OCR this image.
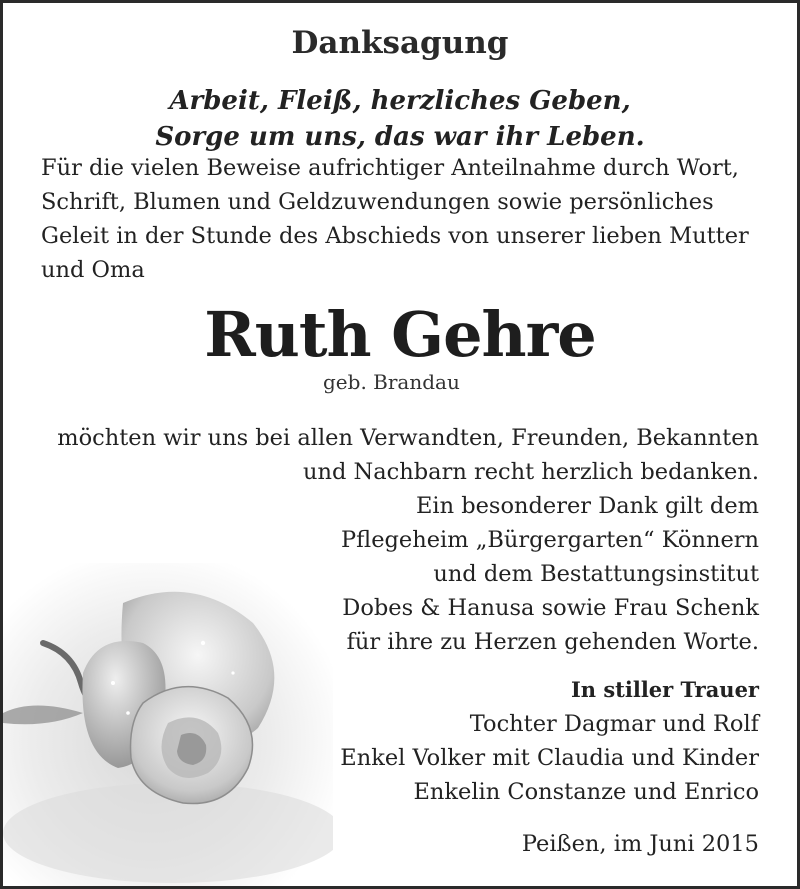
Danksagung
Arbeit, Fleiß, herzliches Geben,
Sorge um uns, das war ihr Leben.
Für die vielen Beweise aufrichtiger Anteilnahme durch Wort,
Schrift, Blumen und Geldzuwendungen sowie persönliches
Geleit in der Stunde des Abschieds von unserer lieben Mutter
und Oma
Ruth Gehre
geb. Brandau
möchten wir uns bei allen Verwandten, Freunden, Bekannten
und Nachbarn recht herzlich bedanken.
Ein besonderer Dank gilt dem
Pflegeheim „Bürgergarten“ Könnern
und dem Bestattungsinstitut
Dobes & Hanusa sowie Frau Schenk
für ihre zu Herzen gehenden Worte.
In stiller Trauer
Tochter Dagmar und Rolf
Enkel Volker mit Claudia und Kinder
Enkelin Constanze und Enrico
Peißen, im Juni 2015
